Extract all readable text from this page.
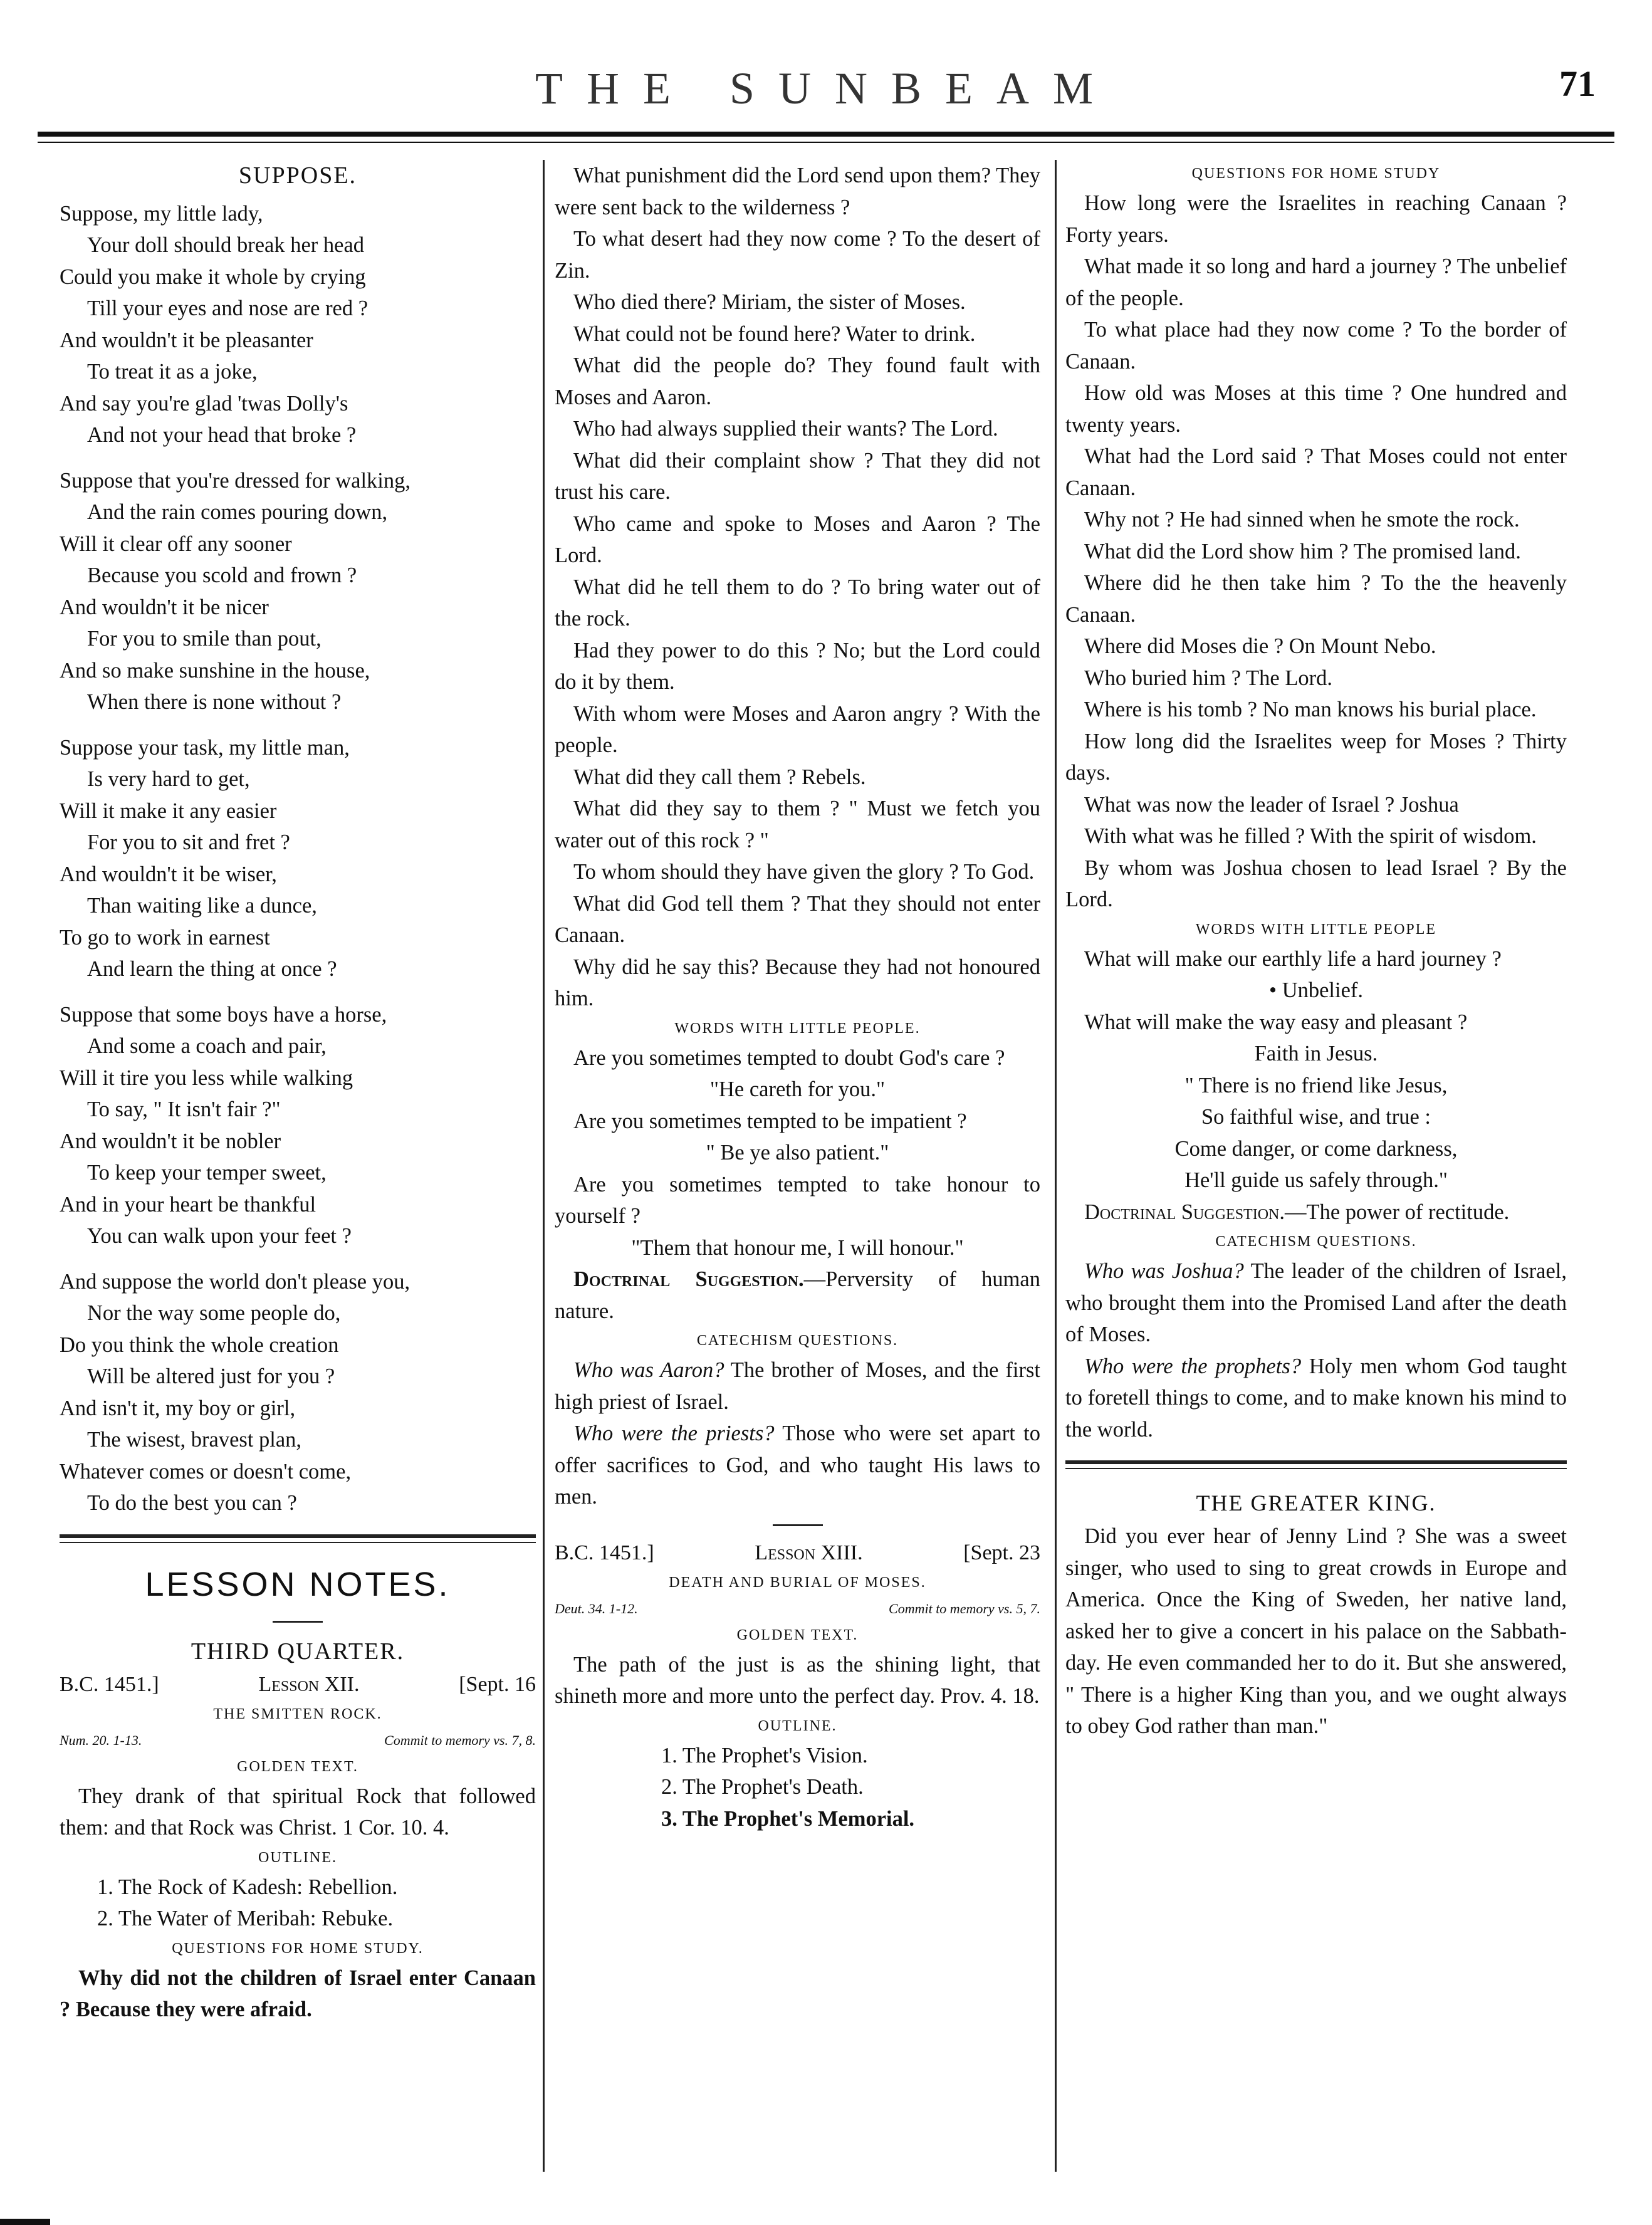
THE SUNBEAM	71
SUPPOSE.
Suppose, my little lady,
Your doll should break her head
Could you make it whole by crying
Till your eyes and nose are red ?
And wouldn't it be pleasanter
To treat it as a joke,
And say you're glad 'twas Dolly's
And not your head that broke ?
Suppose that you're dressed for walking,
And the rain comes pouring down,
Will it clear off any sooner
Because you scold and frown ?
And wouldn't it be nicer
For you to smile than pout,
And so make sunshine in the house,
When there is none without ?
Suppose your task, my little man,
Is very hard to get,
Will it make it any easier
For you to sit and fret ?
And wouldn't it be wiser,
Than waiting like a dunce,
To go to work in earnest
And learn the thing at once ?
Suppose that some boys have a horse,
And some a coach and pair,
Will it tire you less while walking
To say, " It isn't fair ?"
And wouldn't it be nobler
To keep your temper sweet,
And in your heart be thankful
You can walk upon your feet ?
And suppose the world don't please you,
Nor the way some people do,
Do you think the whole creation
Will be altered just for you ?
And isn't it, my boy or girl,
The wisest, bravest plan,
Whatever comes or doesn't come,
To do the best you can ?
LESSON NOTES.
THIRD QUARTER.
B.C. 1451.]	Lesson XII.	[Sept. 16
THE SMITTEN ROCK.
Num. 20. 1-13.	Commit to memory vs. 7, 8.
GOLDEN TEXT.
They drank of that spiritual Rock that followed them: and that Rock was Christ. 1 Cor. 10. 4.
OUTLINE.
1. The Rock of Kadesh: Rebellion.
2. The Water of Meribah: Rebuke.
QUESTIONS FOR HOME STUDY.
Why did not the children of Israel enter Canaan ? Because they were afraid.
What punishment did the Lord send upon them? They were sent back to the wilderness ?
To what desert had they now come ? To the desert of Zin.
Who died there? Miriam, the sister of Moses.
What could not be found here? Water to drink.
What did the people do? They found fault with Moses and Aaron.
Who had always supplied their wants? The Lord.
What did their complaint show ? That they did not trust his care.
Who came and spoke to Moses and Aaron ? The Lord.
What did he tell them to do ? To bring water out of the rock.
Had they power to do this ? No; but the Lord could do it by them.
With whom were Moses and Aaron angry ? With the people.
What did they call them ? Rebels.
What did they say to them ? " Must we fetch you water out of this rock ? "
To whom should they have given the glory ? To God.
What did God tell them ? That they should not enter Canaan.
Why did he say this? Because they had not honoured him.
WORDS WITH LITTLE PEOPLE.
Are you sometimes tempted to doubt God's care ?
"He careth for you."
Are you sometimes tempted to be impatient ?
" Be ye also patient."
Are you sometimes tempted to take honour to yourself ?
"Them that honour me, I will honour."
Doctrinal Suggestion.—Perversity of human nature.
CATECHISM QUESTIONS.
Who was Aaron? The brother of Moses, and the first high priest of Israel.
Who were the priests? Those who were set apart to offer sacrifices to God, and who taught His laws to men.
B.C. 1451.]	Lesson XIII.	[Sept. 23
DEATH AND BURIAL OF MOSES.
Deut. 34. 1-12.	Commit to memory vs. 5, 7.
GOLDEN TEXT.
The path of the just is as the shining light, that shineth more and more unto the perfect day. Prov. 4. 18.
OUTLINE.
1. The Prophet's Vision.
2. The Prophet's Death.
3. The Prophet's Memorial.
QUESTIONS FOR HOME STUDY
How long were the Israelites in reaching Canaan ? Forty years.
What made it so long and hard a journey ? The unbelief of the people.
To what place had they now come ? To the border of Canaan.
How old was Moses at this time ? One hundred and twenty years.
What had the Lord said ? That Moses could not enter Canaan.
Why not ? He had sinned when he smote the rock.
What did the Lord show him ? The promised land.
Where did he then take him ? To the the heavenly Canaan.
Where did Moses die ? On Mount Nebo.
Who buried him ? The Lord.
Where is his tomb ? No man knows his burial place.
How long did the Israelites weep for Moses ? Thirty days.
What was now the leader of Israel ? Joshua
With what was he filled ? With the spirit of wisdom.
By whom was Joshua chosen to lead Israel ? By the Lord.
WORDS WITH LITTLE PEOPLE
What will make our earthly life a hard journey ?
• Unbelief.
What will make the way easy and pleasant ?
Faith in Jesus.
" There is no friend like Jesus,
So faithful wise, and true :
Come danger, or come darkness,
He'll guide us safely through."
Doctrinal Suggestion.—The power of rectitude.
CATECHISM QUESTIONS.
Who was Joshua? The leader of the children of Israel, who brought them into the Promised Land after the death of Moses.
Who were the prophets? Holy men whom God taught to foretell things to come, and to make known his mind to the world.
THE GREATER KING.
Did you ever hear of Jenny Lind ? She was a sweet singer, who used to sing to great crowds in Europe and America. Once the King of Sweden, her native land, asked her to give a concert in his palace on the Sabbath-day. He even commanded her to do it. But she answered, " There is a higher King than you, and we ought always to obey God rather than man."
